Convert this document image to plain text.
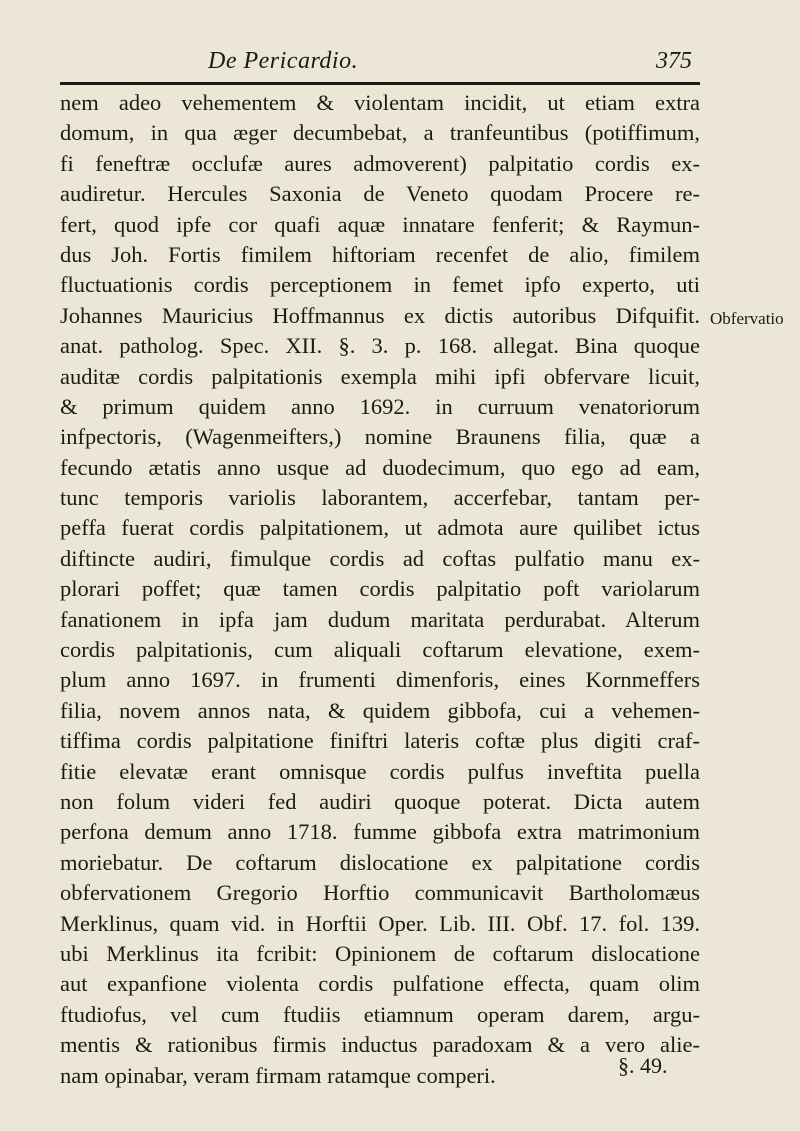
De Pericardio.	375
nem adeo vehementem & violentam incidit, ut etiam extra
domum, in qua æger decumbebat, a tranfeuntibus (potiffimum,
fi feneftræ occlufæ aures admoverent) palpitatio cordis ex-
audiretur. Hercules Saxonia de Veneto quodam Procere re-
fert, quod ipfe cor quafi aquæ innatare fenferit; & Raymun-
dus Joh. Fortis fimilem hiftoriam recenfet de alio, fimilem
fluctuationis cordis perceptionem in femet ipfo experto, uti
Johannes Mauricius Hoffmannus ex dictis autoribus Difquifit.
anat. patholog. Spec. XII. §. 3. p. 168. allegat. Bina quoque
auditæ cordis palpitationis exempla mihi ipfi obfervare licuit,
& primum quidem anno 1692. in curruum venatoriorum
infpectoris, (Wagenmeifters,) nomine Braunens filia, quæ a
fecundo ætatis anno usque ad duodecimum, quo ego ad eam,
tunc temporis variolis laborantem, accerfebar, tantam per-
peffa fuerat cordis palpitationem, ut admota aure quilibet ictus
diftincte audiri, fimulque cordis ad coftas pulfatio manu ex-
plorari poffet; quæ tamen cordis palpitatio poft variolarum
fanationem in ipfa jam dudum maritata perdurabat. Alterum
cordis palpitationis, cum aliquali coftarum elevatione, exem-
plum anno 1697. in frumenti dimenforis, eines Kornmeffers
filia, novem annos nata, & quidem gibbofa, cui a vehemen-
tiffima cordis palpitatione finiftri lateris coftæ plus digiti craf-
fitie elevatæ erant omnisque cordis pulfus inveftita puella
non folum videri fed audiri quoque poterat. Dicta autem
perfona demum anno 1718. fumme gibbofa extra matrimonium
moriebatur. De coftarum dislocatione ex palpitatione cordis
obfervationem Gregorio Horftio communicavit Bartholomæus
Merklinus, quam vid. in Horftii Oper. Lib. III. Obf. 17. fol. 139.
ubi Merklinus ita fcribit: Opinionem de coftarum dislocatione
aut expanfione violenta cordis pulfatione effecta, quam olim
ftudiofus, vel cum ftudiis etiamnum operam darem, argu-
mentis & rationibus firmis inductus paradoxam & a vero alie-
nam opinabar, veram firmam ratamque comperi.
Obfervatio
§. 49.
